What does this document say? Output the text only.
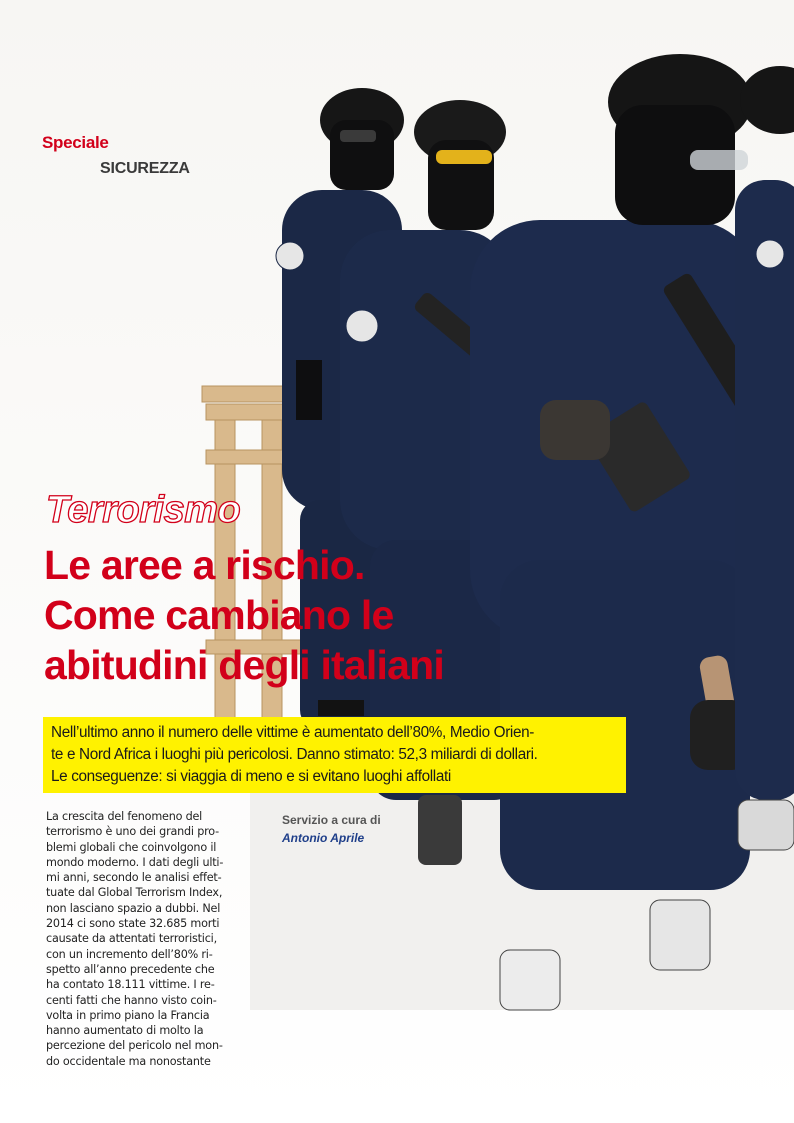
Speciale
SICUREZZA
Terrorismo
Le aree a rischio.
Come cambiano le
abitudini degli italiani

Nell’ultimo anno il numero delle vittime è aumentato dell’80%, Medio Orien-

te e Nord Africa i luoghi più pericolosi. Danno stimato: 52,3 miliardi di dollari.

Le conseguenze: si viaggia di meno e si evitano luoghi affollati

Servizio a cura di
Antonio Aprile
La crescita del fenomeno del
terrorismo è uno dei grandi pro-
blemi globali che coinvolgono il
mondo moderno. I dati degli ulti-
mi anni, secondo le analisi effet-
tuate dal Global Terrorism Index,
non lasciano spazio a dubbi. Nel
2014 ci sono state 32.685 morti
causate da attentati terroristici,
con un incremento dell’80% ri-
spetto all’anno precedente che
ha contato 18.111 vittime. I re-
centi fatti che hanno visto coin-
volta in primo piano la Francia
hanno aumentato di molto la
percezione del pericolo nel mon-
do occidentale ma nonostante
